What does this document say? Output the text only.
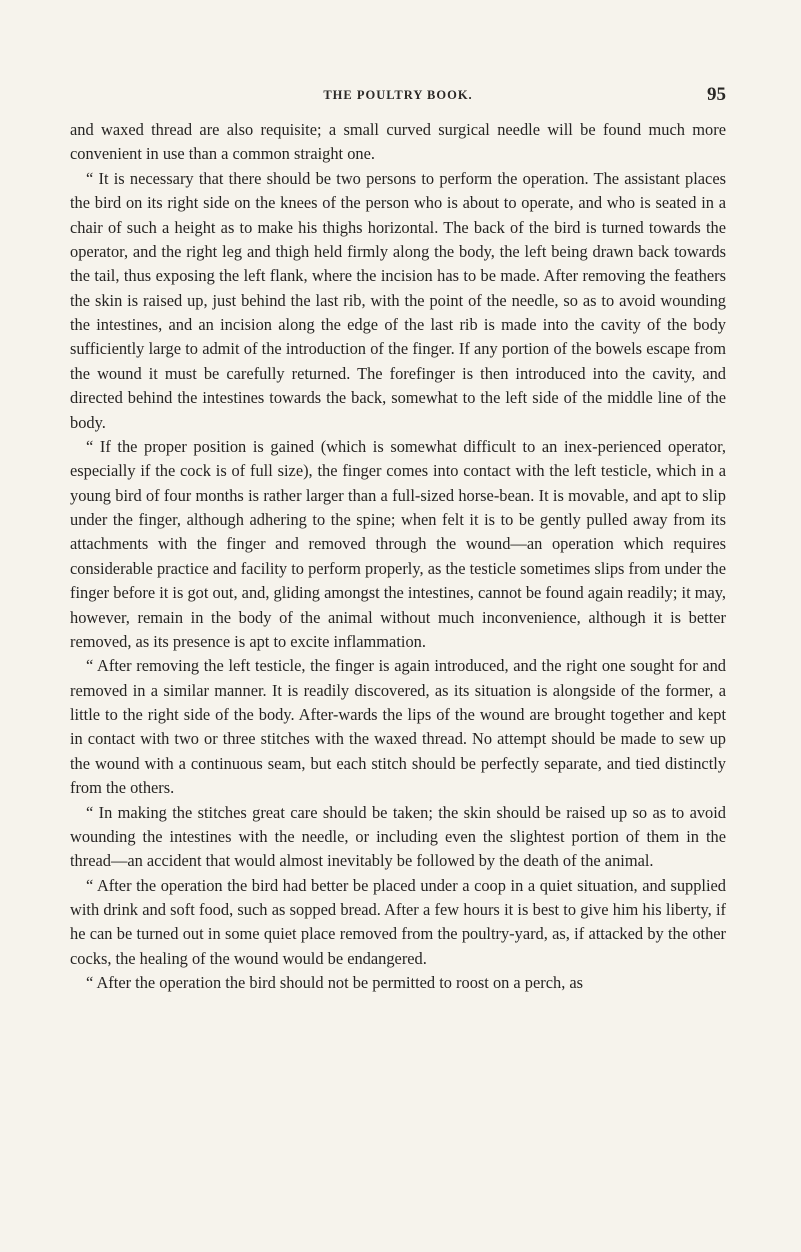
THE POULTRY BOOK.	95

and waxed thread are also requisite; a small curved surgical needle will be found much more convenient in use than a common straight one.

“ It is necessary that there should be two persons to perform the operation. The assistant places the bird on its right side on the knees of the person who is about to operate, and who is seated in a chair of such a height as to make his thighs horizontal. The back of the bird is turned towards the operator, and the right leg and thigh held firmly along the body, the left being drawn back towards the tail, thus exposing the left flank, where the incision has to be made. After removing the feathers the skin is raised up, just behind the last rib, with the point of the needle, so as to avoid wounding the intestines, and an incision along the edge of the last rib is made into the cavity of the body sufficiently large to admit of the introduction of the finger. If any portion of the bowels escape from the wound it must be carefully returned. The forefinger is then introduced into the cavity, and directed behind the intestines towards the back, somewhat to the left side of the middle line of the body.

“ If the proper position is gained (which is somewhat difficult to an inex-perienced operator, especially if the cock is of full size), the finger comes into contact with the left testicle, which in a young bird of four months is rather larger than a full-sized horse-bean. It is movable, and apt to slip under the finger, although adhering to the spine; when felt it is to be gently pulled away from its attachments with the finger and removed through the wound—an operation which requires considerable practice and facility to perform properly, as the testicle sometimes slips from under the finger before it is got out, and, gliding amongst the intestines, cannot be found again readily; it may, however, remain in the body of the animal without much inconvenience, although it is better removed, as its presence is apt to excite inflammation.

“ After removing the left testicle, the finger is again introduced, and the right one sought for and removed in a similar manner. It is readily discovered, as its situation is alongside of the former, a little to the right side of the body. After-wards the lips of the wound are brought together and kept in contact with two or three stitches with the waxed thread. No attempt should be made to sew up the wound with a continuous seam, but each stitch should be perfectly separate, and tied distinctly from the others.

“ In making the stitches great care should be taken; the skin should be raised up so as to avoid wounding the intestines with the needle, or including even the slightest portion of them in the thread—an accident that would almost inevitably be followed by the death of the animal.

“ After the operation the bird had better be placed under a coop in a quiet situation, and supplied with drink and soft food, such as sopped bread. After a few hours it is best to give him his liberty, if he can be turned out in some quiet place removed from the poultry-yard, as, if attacked by the other cocks, the healing of the wound would be endangered.

“ After the operation the bird should not be permitted to roost on a perch, as
